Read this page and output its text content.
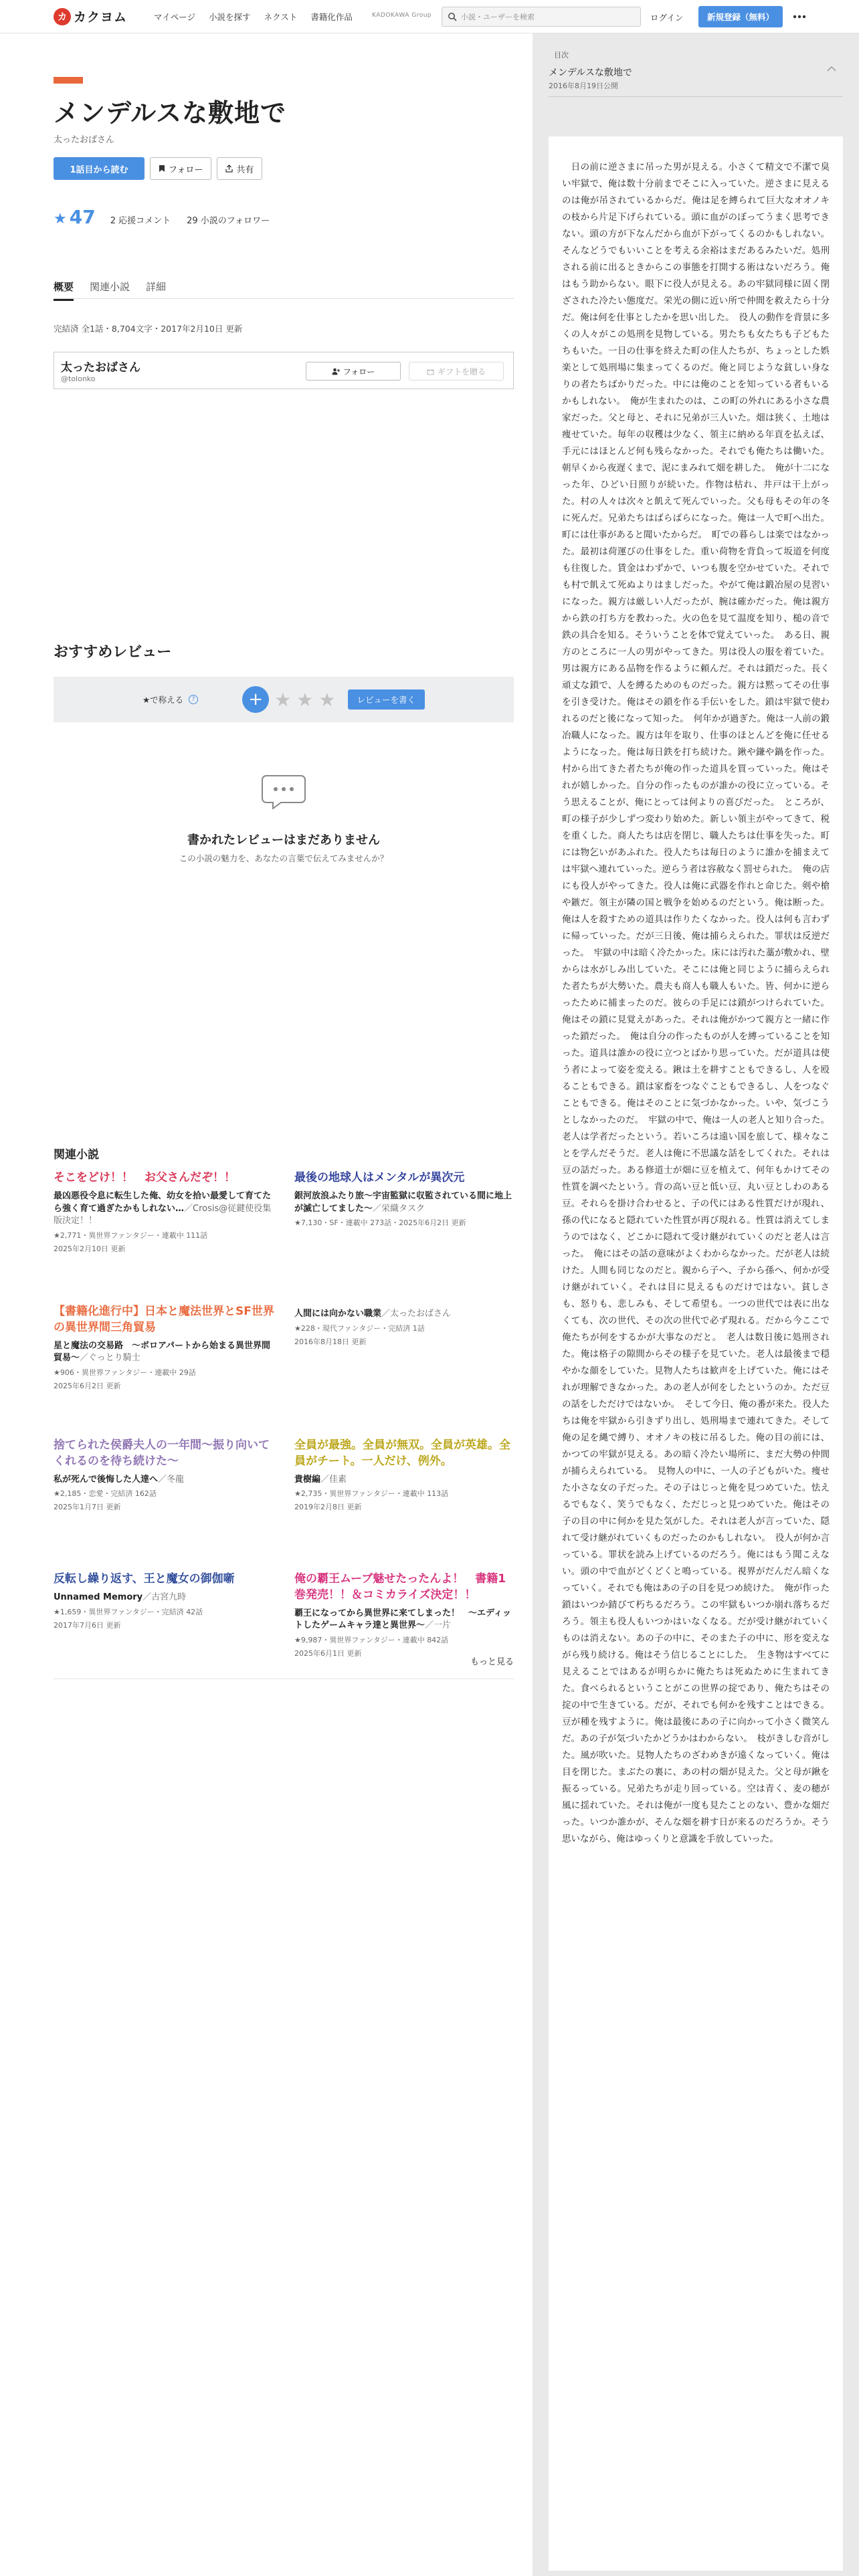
カ カクヨム	マイページ 小説を探す ネクスト 書籍化作品	KADOKAWA Group
小説・ユーザーを検索	ログイン	新規登録（無料）
メンデルスな敷地で
太ったおばさん
1話目から読む	フォロー	共有
★ 47 2 応援コメント 29 小説のフォロワー
概要 関連小説 詳細
完結済 全1話・8,704文字・2017年2月10日 更新
太ったおばさん
@tolonko
フォロー	ギフトを贈る
おすすめレビュー
★で称える	?	+ ★ ★ ★	レビューを書く
書かれたレビューはまだありません
この小説の魅力を、あなたの言葉で伝えてみませんか？
関連小説
そこをどけ！！　お父さんだぞ！！
最凶悪役令息に転生した俺、幼女を拾い最愛して育てたら強く育て過ぎたかもしれない…／Crosis@従鍵使役集版決定！！
★2,771・異世界ファンタジー・連載中 111話
2025年2月10日 更新
最後の地球人はメンタルが異次元
銀河放浪ふたり旅〜宇宙監獄に収監されている間に地上が滅亡してました〜／栄織タスク
★7,130・SF・連載中 273話・2025年6月2日 更新
【書籍化進行中】日本と魔法世界とSF世界の異世界間三角貿易
星と魔法の交易路　〜ボロアパートから始まる異世界間貿易〜／ぐっとり騎士
★906・異世界ファンタジー・連載中 29話
2025年6月2日 更新
人間には向かない職業／太ったおばさん
★228・現代ファンタジー・完結済 1話
2016年8月18日 更新
捨てられた侯爵夫人の一年間〜振り向いてくれるのを待ち続けた〜
私が死んで後悔した人達へ／冬龍
★2,185・恋愛・完結済 162話
2025年1月7日 更新
全員が最強。全員が無双。全員が英雄。全員がチート。一人だけ、例外。
貴樹編／佳素
★2,735・異世界ファンタジー・連載中 113話
2019年2月8日 更新
反転し繰り返す、王と魔女の御伽噺
Unnamed Memory／古宮九時
★1,659・異世界ファンタジー・完結済 42話
2017年7月6日 更新
俺の覇王ムーブ魅せたったんよ！　書籍1巻発売！！＆コミカライズ決定！！
覇王になってから異世界に来てしまった！　〜エディットしたゲームキャラ達と異世界〜／一片
★9,987・異世界ファンタジー・連載中 842話
2025年6月1日 更新
もっと見る
目次
メンデルスな敷地で
2016年8月19日公開

　日の前に逆さまに吊った男が見える。小さくて精文で不潔で臭い牢獄で、俺は数十分前までそこに入っていた。逆さまに見えるのは俺が吊されているからだ。俺は足を縛られて巨大なオオノキの枝から片足下げられている。頭に血がのぼってうまく思考できない。頭の方が下なんだから血が下がってくるのかもしれない。そんなどうでもいいことを考える余裕はまだあるみたいだ。処刑される前に出るときからこの事態を打開する術はないだろう。俺はもう助からない。眼下に役人が見える。あの牢獄同様に固く閉ざされた冷たい態度だ。栄光の側に近い所で仲間を救えたら十分だ。俺は何を仕事としたかを思い出した。　役人の動作を背景に多くの人々がこの処刑を見物している。男たちも女たちも子どもたちもいた。一日の仕事を終えた町の住人たちが、ちょっとした娯楽として処刑場に集まってくるのだ。俺と同じような貧しい身なりの者たちばかりだった。中には俺のことを知っている者もいるかもしれない。　俺が生まれたのは、この町の外れにある小さな農家だった。父と母と、それに兄弟が三人いた。畑は狭く、土地は痩せていた。毎年の収穫は少なく、領主に納める年貢を払えば、手元にはほとんど何も残らなかった。それでも俺たちは働いた。朝早くから夜遅くまで、泥にまみれて畑を耕した。　俺が十二になった年、ひどい日照りが続いた。作物は枯れ、井戸は干上がった。村の人々は次々と飢えて死んでいった。父も母もその年の冬に死んだ。兄弟たちはばらばらになった。俺は一人で町へ出た。町には仕事があると聞いたからだ。　町での暮らしは楽ではなかった。最初は荷運びの仕事をした。重い荷物を背負って坂道を何度も往復した。賃金はわずかで、いつも腹を空かせていた。それでも村で飢えて死ぬよりはましだった。やがて俺は鍛冶屋の見習いになった。親方は厳しい人だったが、腕は確かだった。俺は親方から鉄の打ち方を教わった。火の色を見て温度を知り、槌の音で鉄の具合を知る。そういうことを体で覚えていった。　ある日、親方のところに一人の男がやってきた。男は役人の服を着ていた。男は親方にある品物を作るように頼んだ。それは鎖だった。長く頑丈な鎖で、人を縛るためのものだった。親方は黙ってその仕事を引き受けた。俺はその鎖を作る手伝いをした。鎖は牢獄で使われるのだと後になって知った。　何年かが過ぎた。俺は一人前の鍛冶職人になった。親方は年を取り、仕事のほとんどを俺に任せるようになった。俺は毎日鉄を打ち続けた。鍬や鎌や鍋を作った。村から出てきた者たちが俺の作った道具を買っていった。俺はそれが嬉しかった。自分の作ったものが誰かの役に立っている。そう思えることが、俺にとっては何よりの喜びだった。　ところが、町の様子が少しずつ変わり始めた。新しい領主がやってきて、税を重くした。商人たちは店を閉じ、職人たちは仕事を失った。町には物乞いがあふれた。役人たちは毎日のように誰かを捕まえては牢獄へ連れていった。逆らう者は容赦なく罰せられた。　俺の店にも役人がやってきた。役人は俺に武器を作れと命じた。剣や槍や鏃だ。領主が隣の国と戦争を始めるのだという。俺は断った。俺は人を殺すための道具は作りたくなかった。役人は何も言わずに帰っていった。だが三日後、俺は捕らえられた。罪状は反逆だった。　牢獄の中は暗く冷たかった。床には汚れた藁が敷かれ、壁からは水がしみ出していた。そこには俺と同じように捕らえられた者たちが大勢いた。農夫も商人も職人もいた。皆、何かに逆らったために捕まったのだ。彼らの手足には鎖がつけられていた。俺はその鎖に見覚えがあった。それは俺がかつて親方と一緒に作った鎖だった。　俺は自分の作ったものが人を縛っていることを知った。道具は誰かの役に立つとばかり思っていた。だが道具は使う者によって姿を変える。鍬は土を耕すこともできるし、人を殴ることもできる。鎖は家畜をつなぐこともできるし、人をつなぐこともできる。俺はそのことに気づかなかった。いや、気づこうとしなかったのだ。　牢獄の中で、俺は一人の老人と知り合った。老人は学者だったという。若いころは遠い国を旅して、様々なことを学んだそうだ。老人は俺に不思議な話をしてくれた。それは豆の話だった。ある修道士が畑に豆を植えて、何年もかけてその性質を調べたという。背の高い豆と低い豆、丸い豆としわのある豆。それらを掛け合わせると、子の代にはある性質だけが現れ、孫の代になると隠れていた性質が再び現れる。性質は消えてしまうのではなく、どこかに隠れて受け継がれていくのだと老人は言った。　俺にはその話の意味がよくわからなかった。だが老人は続けた。人間も同じなのだと。親から子へ、子から孫へ、何かが受け継がれていく。それは目に見えるものだけではない。貧しさも、怒りも、悲しみも、そして希望も。一つの世代では表に出なくても、次の世代、その次の世代で必ず現れる。だから今ここで俺たちが何をするかが大事なのだと。　老人は数日後に処刑された。俺は格子の隙間からその様子を見ていた。老人は最後まで穏やかな顔をしていた。見物人たちは歓声を上げていた。俺にはそれが理解できなかった。あの老人が何をしたというのか。ただ豆の話をしただけではないか。　そして今日、俺の番が来た。役人たちは俺を牢獄から引きずり出し、処刑場まで連れてきた。そして俺の足を縄で縛り、オオノキの枝に吊るした。俺の目の前には、かつての牢獄が見える。あの暗く冷たい場所に、まだ大勢の仲間が捕らえられている。　見物人の中に、一人の子どもがいた。痩せた小さな女の子だった。その子はじっと俺を見つめていた。怯えるでもなく、笑うでもなく、ただじっと見つめていた。俺はその子の目の中に何かを見た気がした。それは老人が言っていた、隠れて受け継がれていくものだったのかもしれない。　役人が何か言っている。罪状を読み上げているのだろう。俺にはもう聞こえない。頭の中で血がどくどくと鳴っている。視界がだんだん暗くなっていく。それでも俺はあの子の目を見つめ続けた。　俺が作った鎖はいつか錆びて朽ちるだろう。この牢獄もいつか崩れ落ちるだろう。領主も役人もいつかはいなくなる。だが受け継がれていくものは消えない。あの子の中に、そのまた子の中に、形を変えながら残り続ける。俺はそう信じることにした。　生き物はすべてに見えることではあるが明らかに俺たちは死ぬために生まれてきた。食べられるということがこの世界の掟であり、俺たちはその掟の中で生きている。だが、それでも何かを残すことはできる。豆が種を残すように。俺は最後にあの子に向かって小さく微笑んだ。あの子が気づいたかどうかはわからない。　枝がきしむ音がした。風が吹いた。見物人たちのざわめきが遠くなっていく。俺は目を閉じた。まぶたの裏に、あの村の畑が見えた。父と母が鍬を振るっている。兄弟たちが走り回っている。空は青く、麦の穂が風に揺れていた。それは俺が一度も見たことのない、豊かな畑だった。いつか誰かが、そんな畑を耕す日が来るのだろうか。そう思いながら、俺はゆっくりと意識を手放していった。
